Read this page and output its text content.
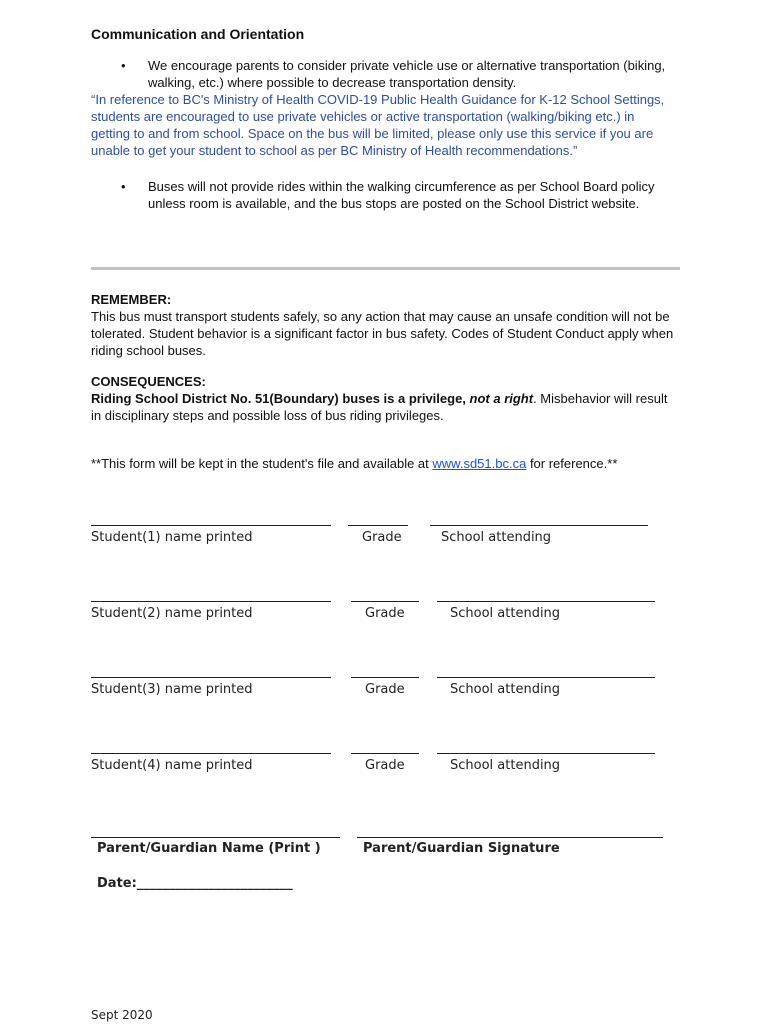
Communication and Orientation
•	We encourage parents to consider private vehicle use or alternative transportation (biking, walking, etc.) where possible to decrease transportation density.
“In reference to BC's Ministry of Health COVID-19 Public Health Guidance for K-12 School Settings, students are encouraged to use private vehicles or active transportation (walking/biking etc.) in getting to and from school. Space on the bus will be limited, please only use this service if you are unable to get your student to school as per BC Ministry of Health recommendations.”
•	Buses will not provide rides within the walking circumference as per School Board policy unless room is available, and the bus stops are posted on the School District website.
REMEMBER:
This bus must transport students safely, so any action that may cause an unsafe condition will not be tolerated. Student behavior is a significant factor in bus safety. Codes of Student Conduct apply when riding school buses.
CONSEQUENCES:
Riding School District No. 51(Boundary) buses is a privilege, not a right. Misbehavior will result in disciplinary steps and possible loss of bus riding privileges.
**This form will be kept in the student's file and available at www.sd51.bc.ca for reference.**
Student(1) name printed	Grade	School attending
Student(2) name printed	Grade	School attending
Student(3) name printed	Grade	School attending
Student(4) name printed	Grade	School attending
Parent/Guardian Name (Print )	Parent/Guardian Signature
Date:________________________
Sept 2020
